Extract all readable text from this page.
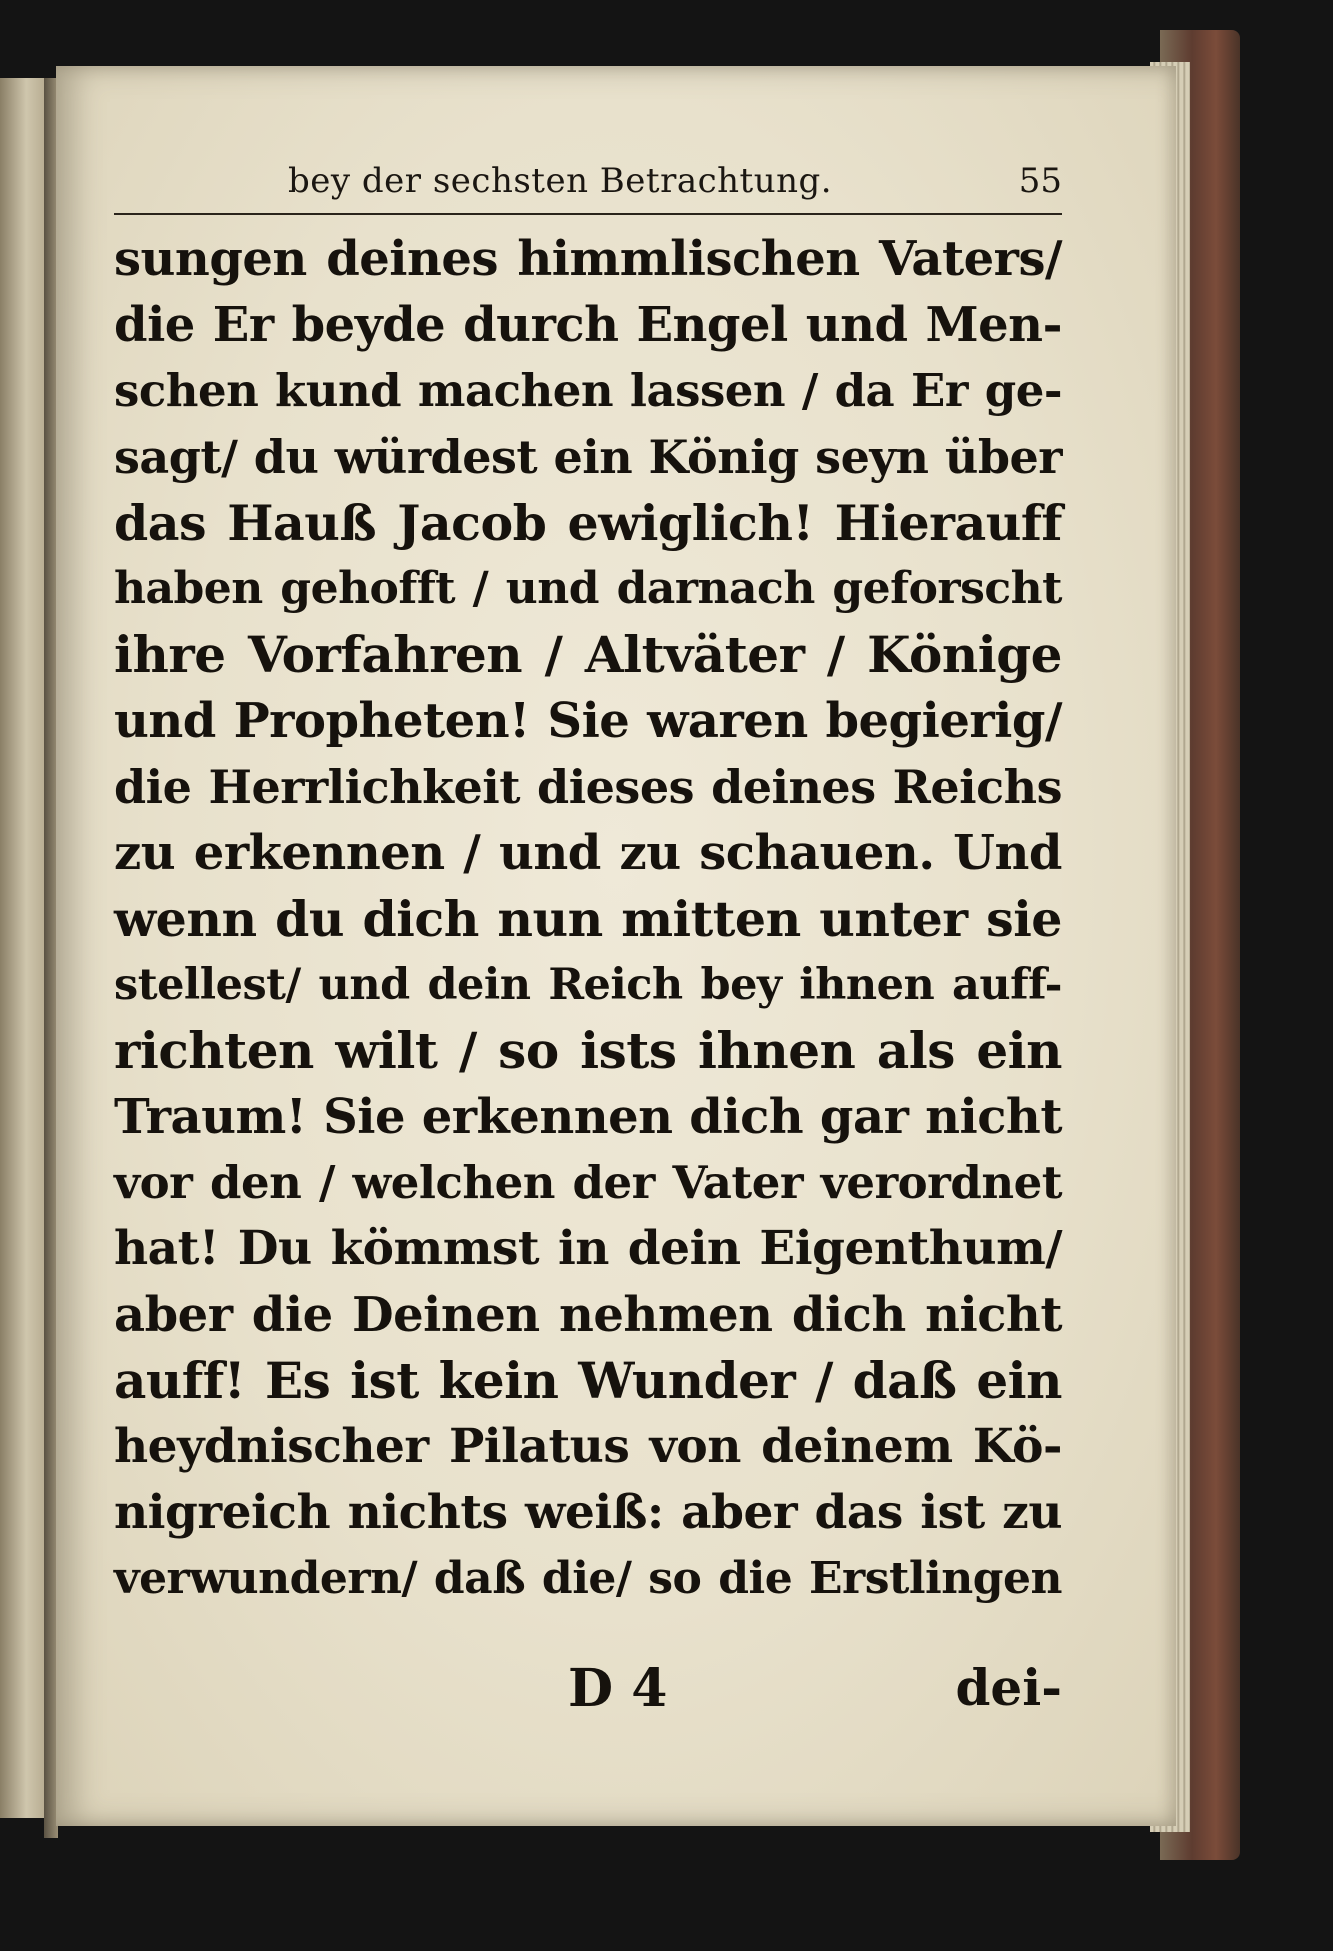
bey der sechsten Betrachtung.	55
sungen deines himmlischen Vaters/
die Er beyde durch Engel und Men-
schen kund machen lassen / da Er ge-
sagt/ du würdest ein König seyn über
das Hauß Jacob ewiglich! Hierauff
haben gehofft / und darnach geforscht
ihre Vorfahren / Altväter / Könige
und Propheten! Sie waren begierig/
die Herrlichkeit dieses deines Reichs
zu erkennen / und zu schauen. Und
wenn du dich nun mitten unter sie
stellest/ und dein Reich bey ihnen auff-
richten wilt / so ists ihnen als ein
Traum! Sie erkennen dich gar nicht
vor den / welchen der Vater verordnet
hat! Du kömmst in dein Eigenthum/
aber die Deinen nehmen dich nicht
auff! Es ist kein Wunder / daß ein
heydnischer Pilatus von deinem Kö-
nigreich nichts weiß: aber das ist zu
verwundern/ daß die/ so die Erstlingen
D 4	dei-
